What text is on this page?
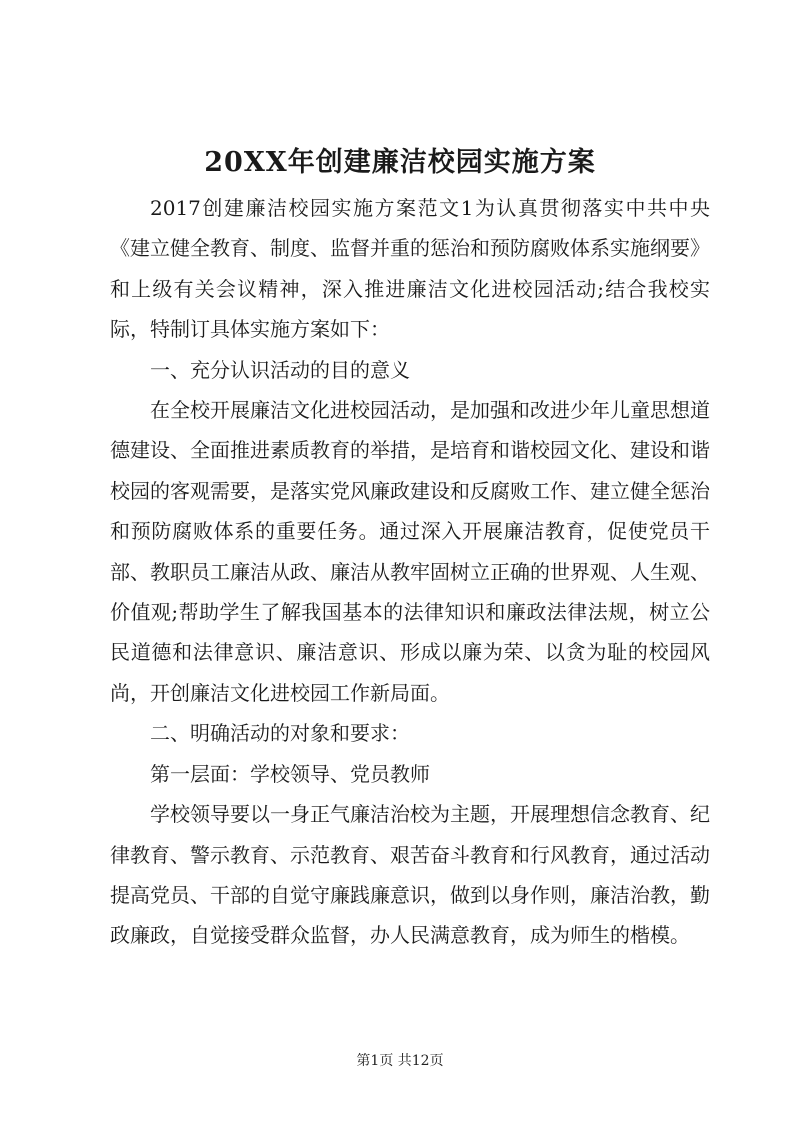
20XX年创建廉洁校园实施方案

2017创建廉洁校园实施方案范文1为认真贯彻落实中共中央《建立健全教育、制度、监督并重的惩治和预防腐败体系实施纲要》和上级有关会议精神，深入推进廉洁文化进校园活动;结合我校实际，特制订具体实施方案如下：

一、充分认识活动的目的意义

在全校开展廉洁文化进校园活动，是加强和改进少年儿童思想道德建设、全面推进素质教育的举措，是培育和谐校园文化、建设和谐校园的客观需要，是落实党风廉政建设和反腐败工作、建立健全惩治和预防腐败体系的重要任务。通过深入开展廉洁教育，促使党员干部、教职员工廉洁从政、廉洁从教牢固树立正确的世界观、人生观、价值观;帮助学生了解我国基本的法律知识和廉政法律法规，树立公民道德和法律意识、廉洁意识、形成以廉为荣、以贪为耻的校园风尚，开创廉洁文化进校园工作新局面。

二、明确活动的对象和要求：

第一层面：学校领导、党员教师

学校领导要以一身正气廉洁治校为主题，开展理想信念教育、纪律教育、警示教育、示范教育、艰苦奋斗教育和行风教育，通过活动提高党员、干部的自觉守廉践廉意识，做到以身作则，廉洁治教，勤政廉政，自觉接受群众监督，办人民满意教育，成为师生的楷模。

第1页 共12页
